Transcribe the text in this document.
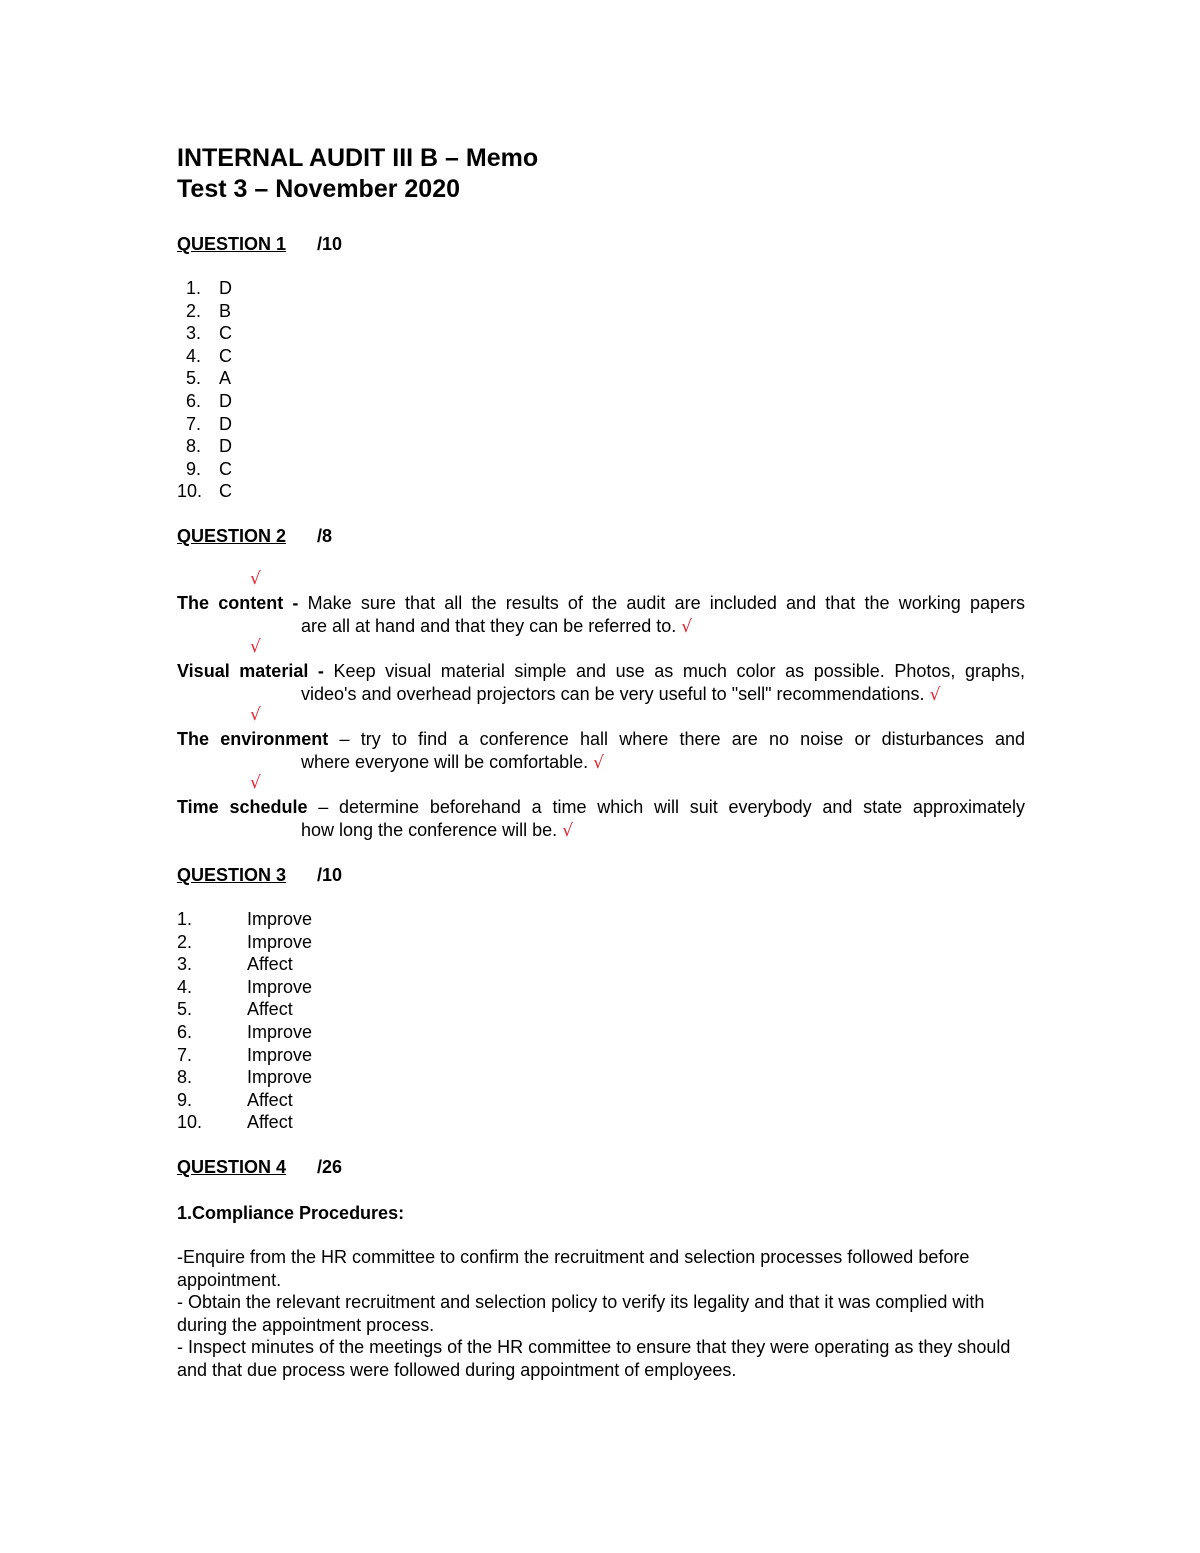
INTERNAL AUDIT III B – Memo
Test 3 – November 2020
QUESTION 1 /10
1. D
2. B
3. C
4. C
5. A
6. D
7. D
8. D
9. C
10. C
QUESTION 2 /8
√
The content - Make sure that all the results of the audit are included and that the working papers
are all at hand and that they can be referred to. √
√
Visual material - Keep visual material simple and use as much color as possible. Photos, graphs,
video's and overhead projectors can be very useful to "sell" recommendations. √
√
The environment – try to find a conference hall where there are no noise or disturbances and
where everyone will be comfortable. √
√
Time schedule – determine beforehand a time which will suit everybody and state approximately
how long the conference will be. √
QUESTION 3 /10
1.	Improve
2.	Improve
3.	Affect
4.	Improve
5.	Affect
6.	Improve
7.	Improve
8.	Improve
9.	Affect
10. Affect
QUESTION 4 /26
1.Compliance Procedures:
-Enquire from the HR committee to confirm the recruitment and selection processes followed before appointment.
- Obtain the relevant recruitment and selection policy to verify its legality and that it was complied with during the appointment process.
- Inspect minutes of the meetings of the HR committee to ensure that they were operating as they should and that due process were followed during appointment of employees.
